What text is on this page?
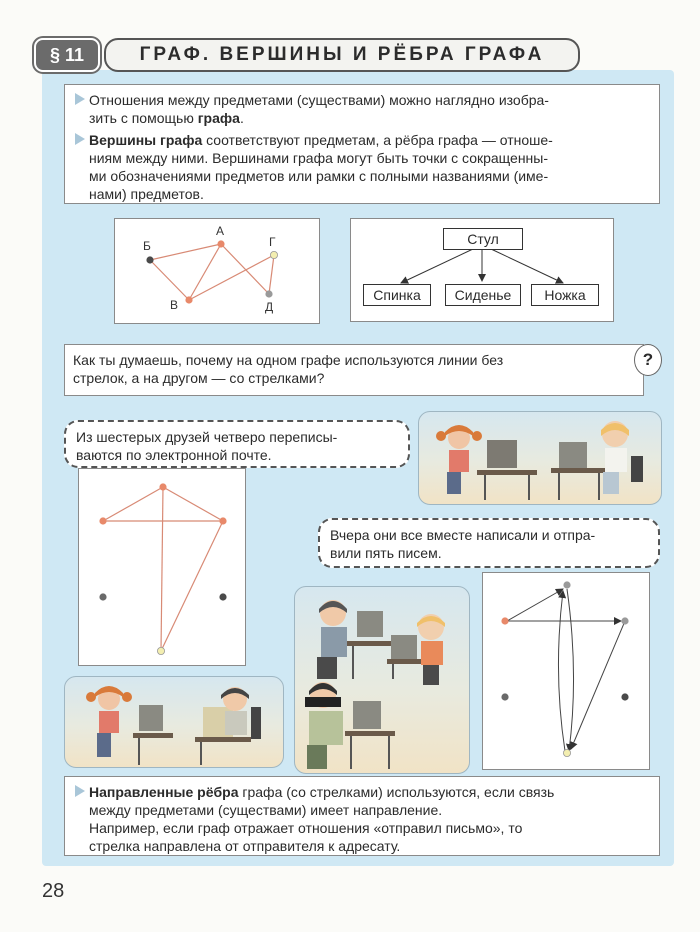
§ 11	ГРАФ. ВЕРШИНЫ И РЁБРА ГРАФА

Отношения между предметами (существами) можно наглядно изобра-
зить с помощью графа.

Вершины графа соответствуют предметам, а рёбра графа — отноше-
ниям между ними. Вершинами графа могут быть точки с сокращенны-
ми обозначениями предметов или рамки с полными названиями (име-
нами) предметов.

Б
А
Г
В	Д
Стул
Спинка	Сиденье	Ножка
Как ты думаешь, почему на одном графе используются линии без
стрелок, а на другом — со стрелками?
?
Из шестерых друзей четверо переписы-
ваются по электронной почте.
Вчера они все вместе написали и отпра-
вили пять писем.

Направленные рёбра графа (со стрелками) используются, если связь
между предметами (существами) имеет направление.
Например, если граф отражает отношения «отправил письмо», то
стрелка направлена от отправителя к адресату.

28
